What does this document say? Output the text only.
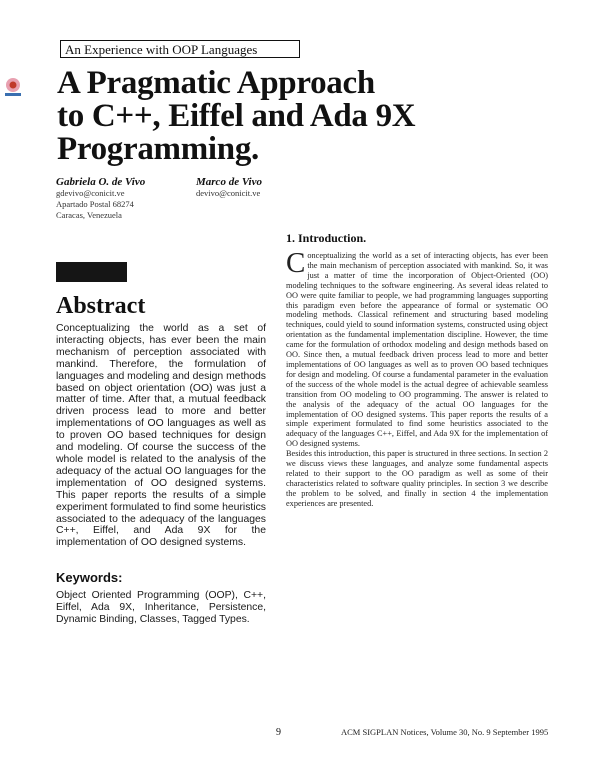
An Experience with OOP Languages
A Pragmatic Approach
to C++, Eiffel and Ada 9X
Programming.
Gabriela O. de Vivo
gdevivo@conicit.ve
Apartado Postal 68274
Caracas, Venezuela
Marco de Vivo
devivo@conicit.ve
Abstract
Conceptualizing the world as a set of interacting objects, has ever been the main mechanism of perception associated with mankind. Therefore, the formulation of languages and modeling and design methods based on object orientation (OO) was just a matter of time. After that, a mutual feedback driven process lead to more and better implementations of OO languages as well as to proven OO based techniques for design and modeling. Of course the success of the whole model is related to the analysis of the adequacy of the actual OO languages for the implementation of OO designed systems. This paper reports the results of a simple experiment formulated to find some heuristics associated to the adequacy of the languages C++, Eiffel, and Ada 9X for the implementation of OO designed systems.
Keywords:
Object Oriented Programming (OOP), C++, Eiffel, Ada 9X, Inheritance, Persistence, Dynamic Binding, Classes, Tagged Types.
1. Introduction.
C onceptualizing the world as a set of interacting objects, has ever been the main mechanism of perception associated with mankind. So, it was just a matter of time the incorporation of Object-Oriented (OO) modeling techniques to the software engineering. As several ideas related to OO were quite familiar to people, we had programming languages supporting this paradigm even before the appearance of formal or systematic OO modeling methods. Classical refinement and structuring based modeling techniques, could yield to sound information systems, constructed using object orientation as the fundamental implementation discipline. However, the time came for the formulation of orthodox modeling and design methods based on OO. Since then, a mutual feedback driven process lead to more and better implementations of OO languages as well as to proven OO based techniques for design and modeling. Of course a fundamental parameter in the evaluation of the success of the whole model is the actual degree of achievable seamless transition from OO modeling to OO programming. The answer is related to the analysis of the adequacy of the actual OO languages for the implementation of OO designed systems. This paper reports the results of a simple experiment formulated to find some heuristics associated to the adequacy of the languages C++, Eiffel, and Ada 9X for the implementation of OO designed systems.
Besides this introduction, this paper is structured in three sections. In section 2 we discuss views these languages, and analyze some fundamental aspects related to their support to the OO paradigm as well as some of their characteristics related to software quality principles. In section 3 we describe the problem to be solved, and finally in section 4 the implementation experiences are presented.
9	ACM SIGPLAN Notices, Volume 30, No. 9 September 1995
